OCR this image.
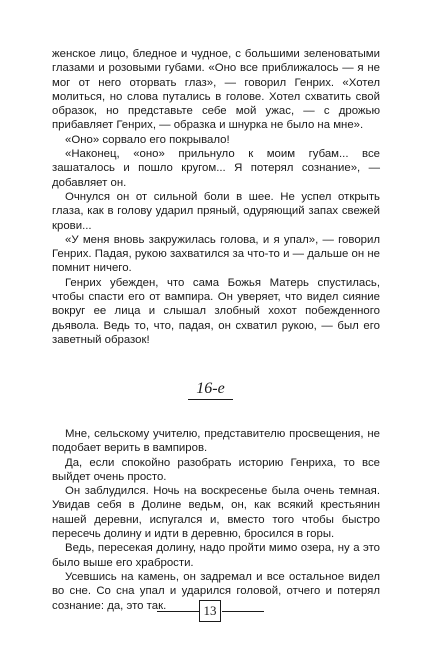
женское лицо, бледное и чудное, с большими зеленоватыми глазами и розовыми губами. «Оно все приближалось — я не мог от него оторвать глаз», — говорил Генрих. «Хотел молиться, но слова путались в голове. Хотел схватить свой образок, но представьте себе мой ужас, — с дрожью прибавляет Генрих, — образка и шнурка не было на мне».

«Оно» сорвало его покрывало!

«Наконец, «оно» прильнуло к моим губам... все зашаталось и пошло кругом... Я потерял сознание», — добавляет он.

Очнулся он от сильной боли в шее. Не успел открыть глаза, как в голову ударил пряный, одуряющий запах свежей крови...

«У меня вновь закружилась голова, и я упал», — говорил Генрих. Падая, рукою захватился за что-то и — дальше он не помнит ничего.

Генрих убежден, что сама Божья Матерь спустилась, чтобы спасти его от вампира. Он уверяет, что видел сияние вокруг ее лица и слышал злобный хохот побежденного дьявола. Ведь то, что, падая, он схватил рукою, — был его заветный образок!

16-е

Мне, сельскому учителю, представителю просвещения, не подобает верить в вампиров.

Да, если спокойно разобрать историю Генриха, то все выйдет очень просто.

Он заблудился. Ночь на воскресенье была очень темная. Увидав себя в Долине ведьм, он, как всякий крестьянин нашей деревни, испугался и, вместо того чтобы быстро пересечь долину и идти в деревню, бросился в горы.

Ведь, пересекая долину, надо пройти мимо озера, ну а это было выше его храбрости.

Усевшись на камень, он задремал и все остальное видел во сне. Со сна упал и ударился головой, отчего и потерял сознание: да, это так.	13
